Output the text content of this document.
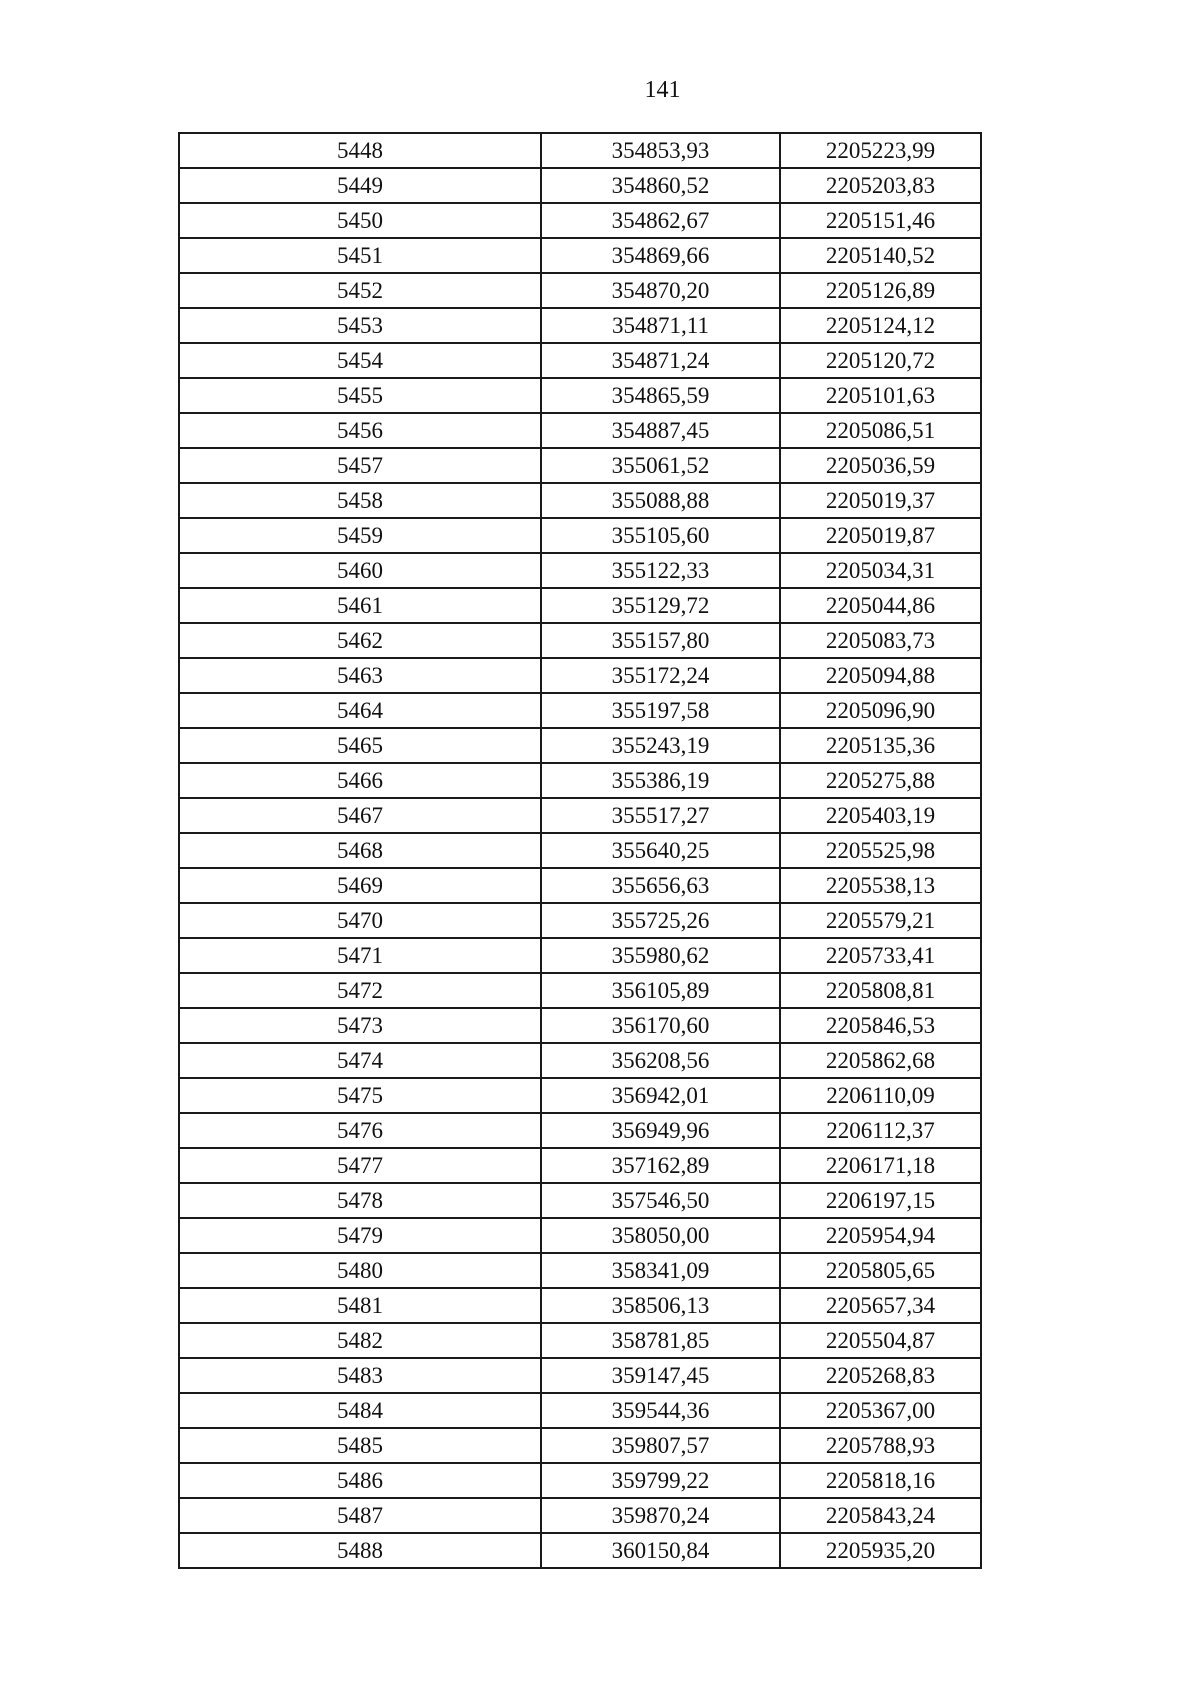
141
5448	354853,93	2205223,99
5449	354860,52	2205203,83
5450	354862,67	2205151,46
5451	354869,66	2205140,52
5452	354870,20	2205126,89
5453	354871,11	2205124,12
5454	354871,24	2205120,72
5455	354865,59	2205101,63
5456	354887,45	2205086,51
5457	355061,52	2205036,59
5458	355088,88	2205019,37
5459	355105,60	2205019,87
5460	355122,33	2205034,31
5461	355129,72	2205044,86
5462	355157,80	2205083,73
5463	355172,24	2205094,88
5464	355197,58	2205096,90
5465	355243,19	2205135,36
5466	355386,19	2205275,88
5467	355517,27	2205403,19
5468	355640,25	2205525,98
5469	355656,63	2205538,13
5470	355725,26	2205579,21
5471	355980,62	2205733,41
5472	356105,89	2205808,81
5473	356170,60	2205846,53
5474	356208,56	2205862,68
5475	356942,01	2206110,09
5476	356949,96	2206112,37
5477	357162,89	2206171,18
5478	357546,50	2206197,15
5479	358050,00	2205954,94
5480	358341,09	2205805,65
5481	358506,13	2205657,34
5482	358781,85	2205504,87
5483	359147,45	2205268,83
5484	359544,36	2205367,00
5485	359807,57	2205788,93
5486	359799,22	2205818,16
5487	359870,24	2205843,24
5488	360150,84	2205935,20
